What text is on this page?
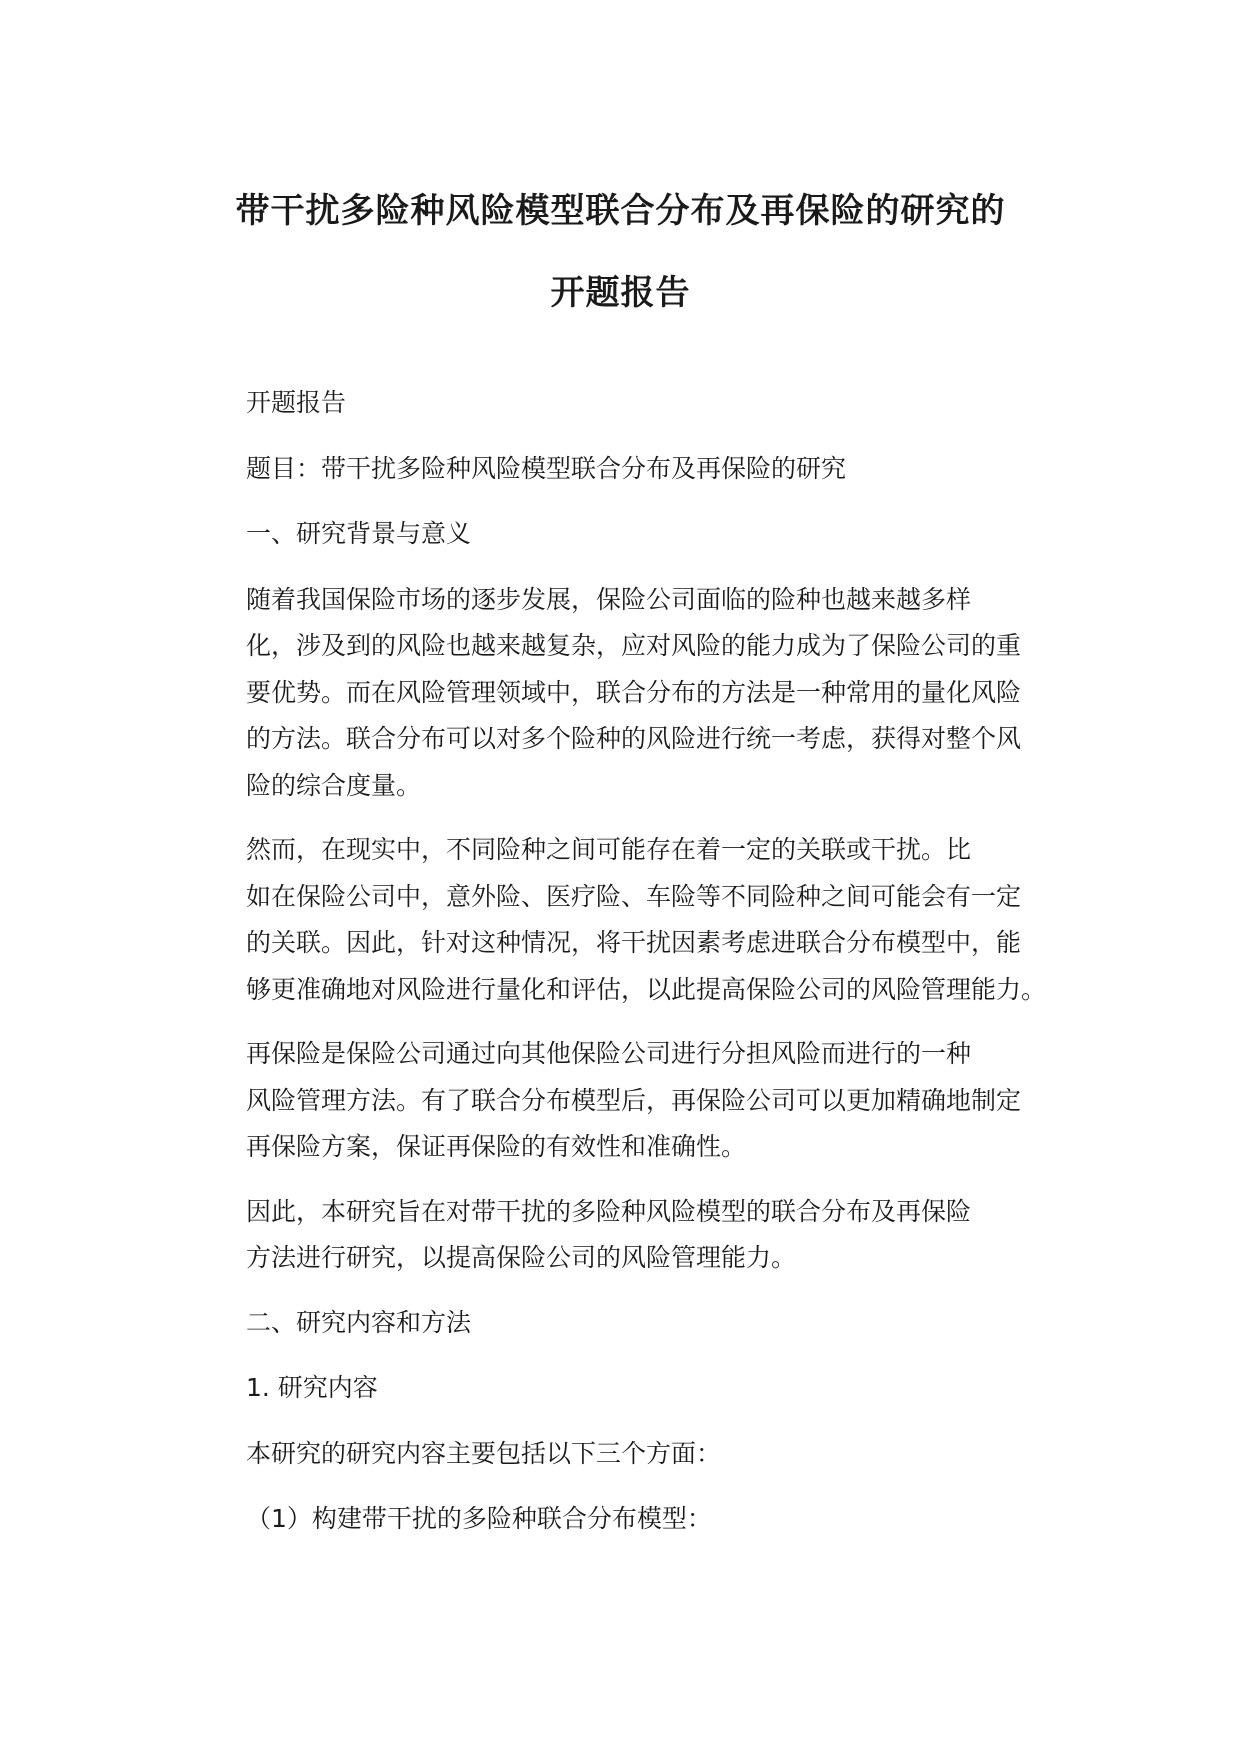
带干扰多险种风险模型联合分布及再保险的研究的
开题报告

开题报告

题目：带干扰多险种风险模型联合分布及再保险的研究

一、研究背景与意义

随着我国保险市场的逐步发展，保险公司面临的险种也越来越多样
化，涉及到的风险也越来越复杂，应对风险的能力成为了保险公司的重
要优势。而在风险管理领域中，联合分布的方法是一种常用的量化风险
的方法。联合分布可以对多个险种的风险进行统一考虑，获得对整个风
险的综合度量。

然而，在现实中，不同险种之间可能存在着一定的关联或干扰。比
如在保险公司中，意外险、医疗险、车险等不同险种之间可能会有一定
的关联。因此，针对这种情况，将干扰因素考虑进联合分布模型中，能
够更准确地对风险进行量化和评估，以此提高保险公司的风险管理能力。

再保险是保险公司通过向其他保险公司进行分担风险而进行的一种
风险管理方法。有了联合分布模型后，再保险公司可以更加精确地制定
再保险方案，保证再保险的有效性和准确性。

因此，本研究旨在对带干扰的多险种风险模型的联合分布及再保险
方法进行研究，以提高保险公司的风险管理能力。

二、研究内容和方法

1. 研究内容

本研究的研究内容主要包括以下三个方面：

（1）构建带干扰的多险种联合分布模型：
